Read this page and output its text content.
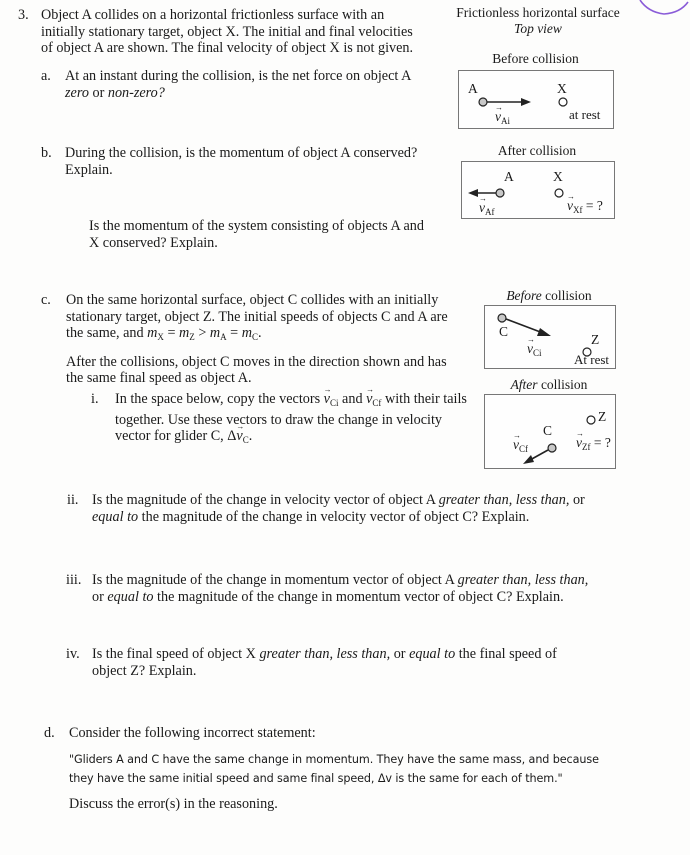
3. Object A collides on a horizontal frictionless surface with an
initially stationary target, object X. The initial and final velocities
of object A are shown. The final velocity of object X is not given.
a. At an instant during the collision, is the net force on object A
zero or non-zero?
b. During the collision, is the momentum of object A conserved?
Explain.
Is the momentum of the system consisting of objects A and
X conserved? Explain.
c. On the same horizontal surface, object C collides with an initially
stationary target, object Z. The initial speeds of objects C and A are
the same, and $m_X = m_Z > m_A = m_C$.
After the collisions, object C moves in the direction shown and has
the same final speed as object A.
i. In the space below, copy the vectors → $v_{Ci}$ and → $v_{Cf}$ with their tails
together. Use these vectors to draw the change in velocity
vector for glider C, $\Delta\to v_C$.
ii. Is the magnitude of the change in velocity vector of object A greater than, less than, or
equal to the magnitude of the change in velocity vector of object C? Explain.
iii. Is the magnitude of the change in momentum vector of object A greater than, less than,
or equal to the magnitude of the change in momentum vector of object C? Explain.
iv. Is the final speed of object X greater than, less than, or equal to the final speed of
object Z? Explain.
d. Consider the following incorrect statement:
"Gliders A and C have the same change in momentum. They have the same mass, and because
they have the same initial speed and same final speed, Δv is the same for each of them."
Discuss the error(s) in the reasoning.
Frictionless horizontal surface
Top view
Before collision
A	X
→ $v_{Ai}$	at rest
After collision
A	X
→ $v_{Af}$	→ $v_{Xf}$ = ?
Before collision
C
Z
→ $v_{Ci}$ At rest
After collision
C
Z
→ $v_{Cf}$	→ $v_{Zf}$ = ?
